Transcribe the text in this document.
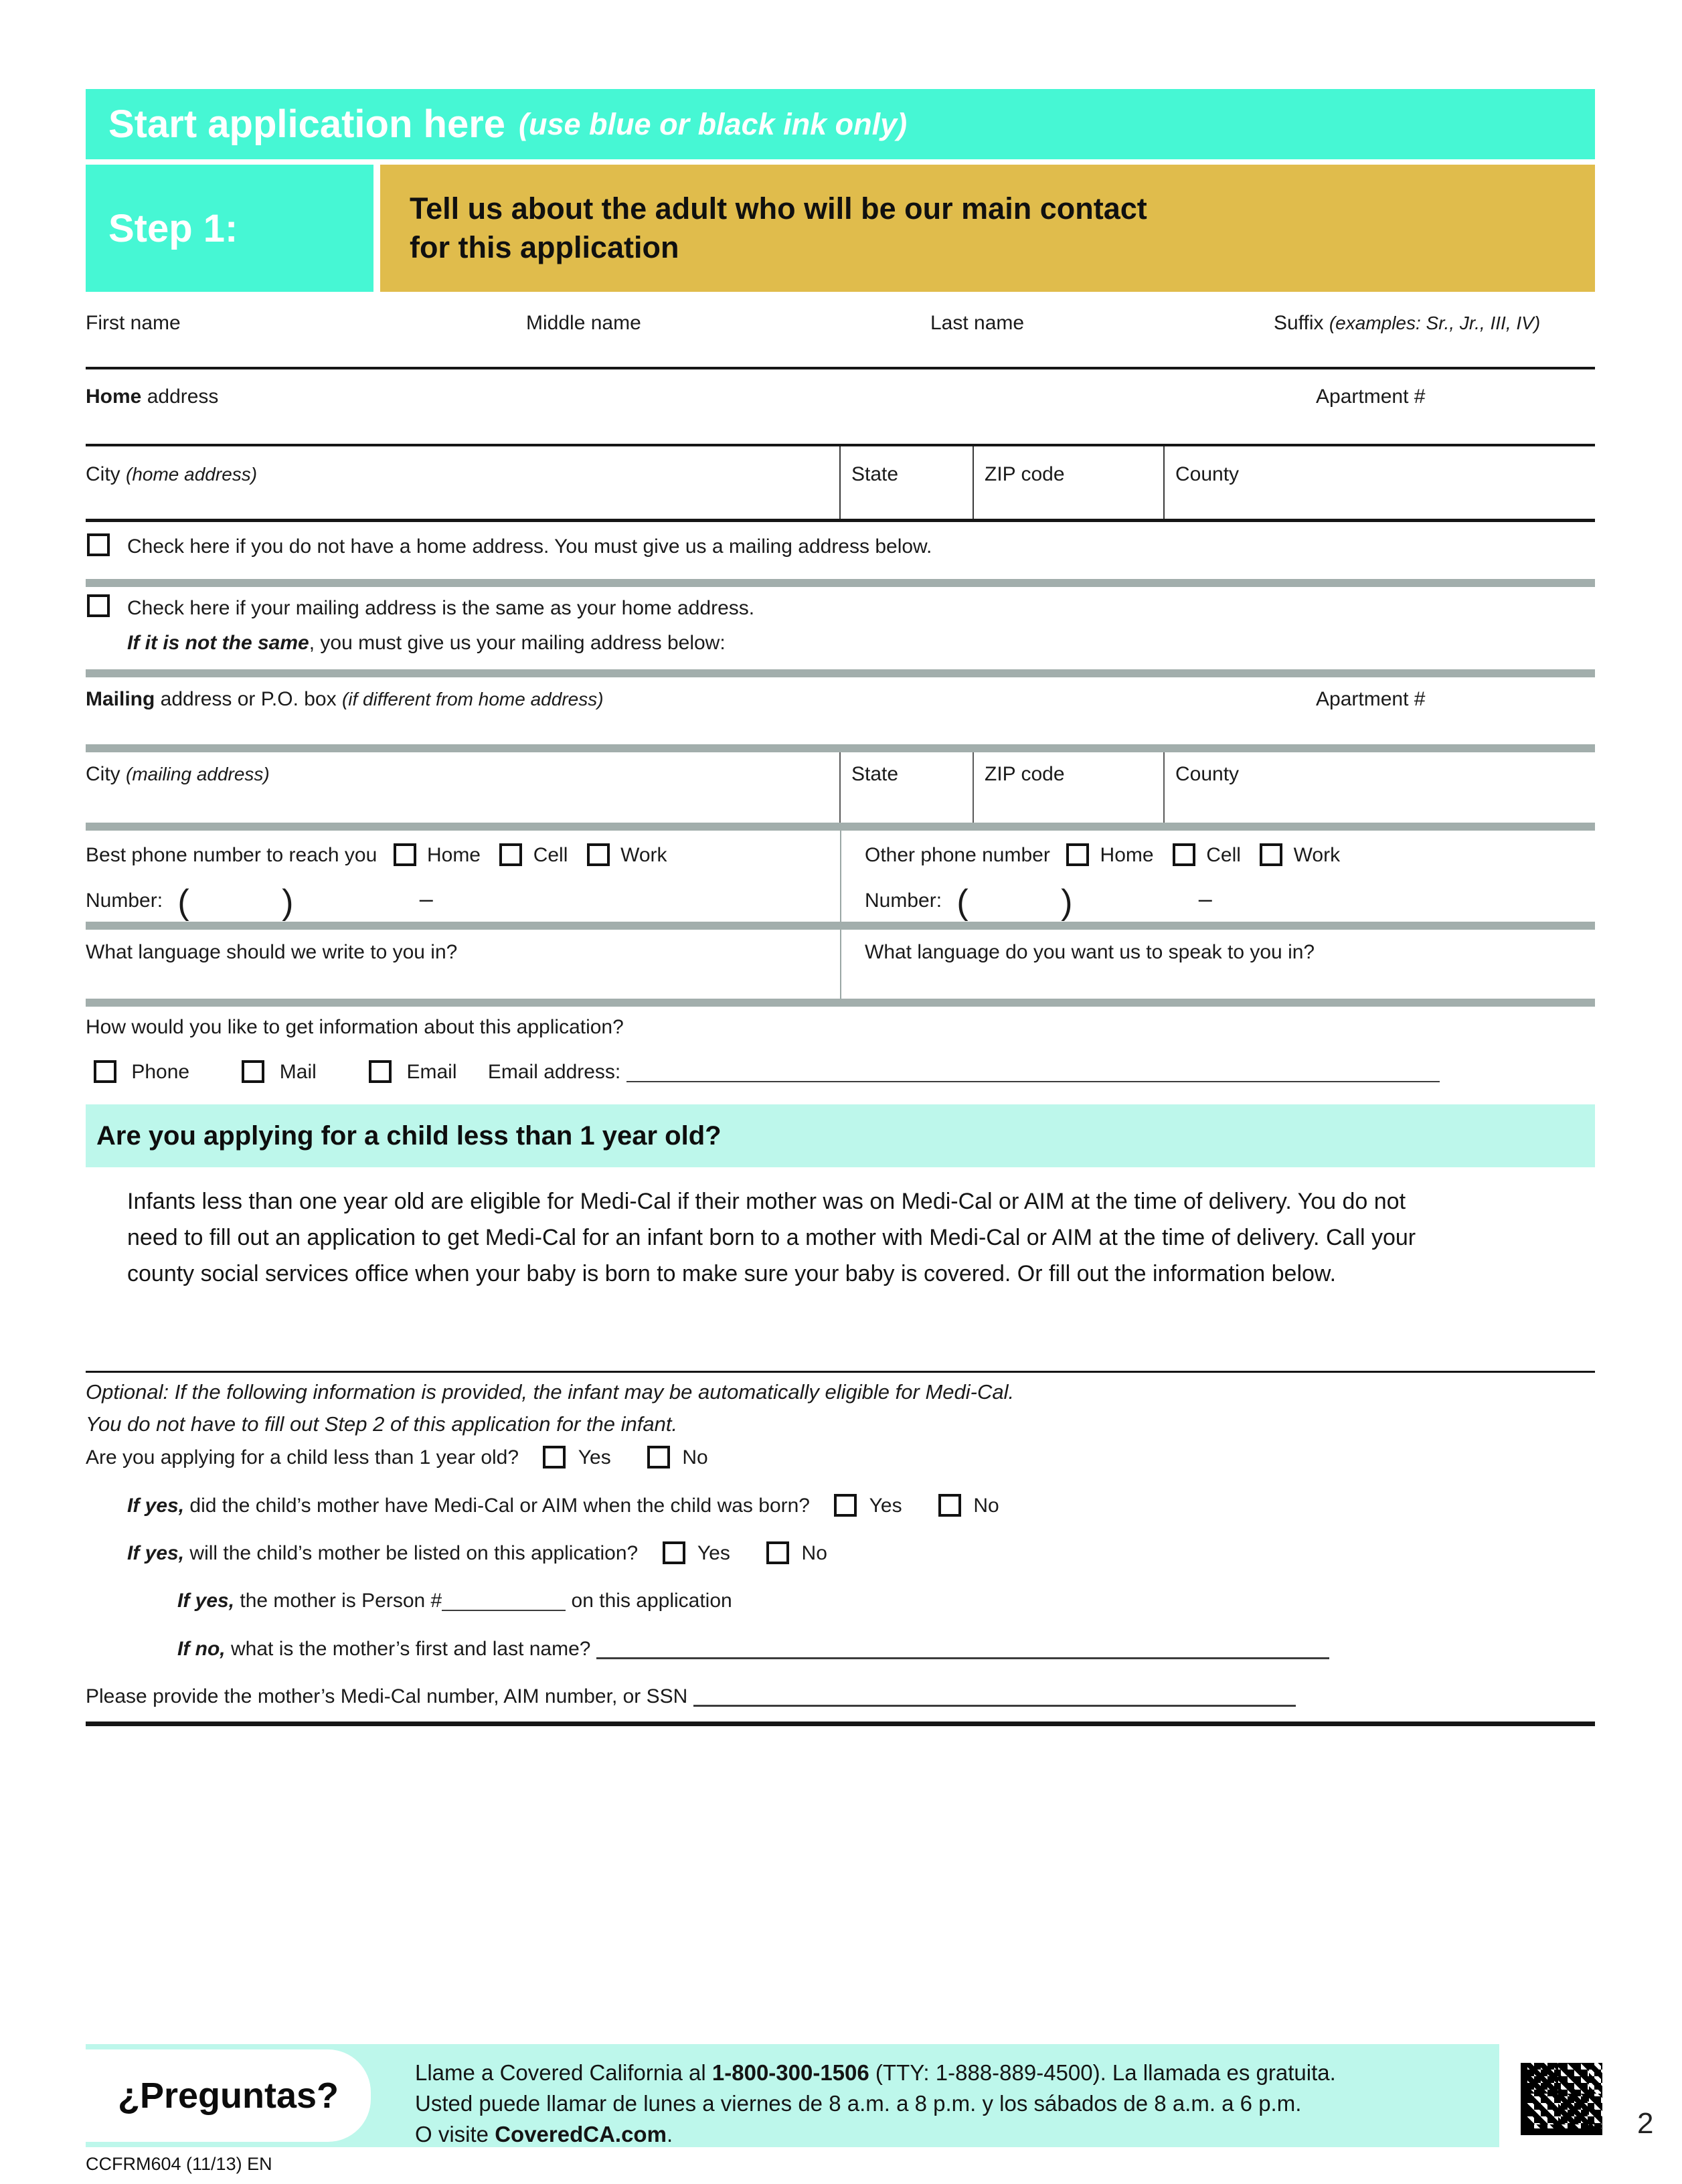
Start application here (use blue or black ink only)
Step 1:	Tell us about the adult who will be our main contact
for this application
First name	Middle name	Last name	Suffix (examples: Sr., Jr., III, IV)
Home address	Apartment #
City (home address)	State	ZIP code	County
Check here if you do not have a home address. You must give us a mailing address below.
Check here if your mailing address is the same as your home address.
If it is not the same, you must give us your mailing address below:
Mailing address or P.O. box (if different from home address)	Apartment #
City (mailing address)	State	ZIP code	County
Best phone number to reach you Home	Cell	Work
Number: (	)	–
Other phone number Home	Cell	Work
Number: (	)	–
What language should we write to you in?	What language do you want us to speak to you in?
How would you like to get information about this application?
Phone	Mail	Email Email address:
Are you applying for a child less than 1 year old?
Infants less than one year old are eligible for Medi-Cal if their mother was on Medi-Cal or AIM at the time of delivery. You do not need to fill out an application to get Medi-Cal for an infant born to a mother with Medi-Cal or AIM at the time of delivery. Call your county social services office when your baby is born to make sure your baby is covered. Or fill out the information below.
Optional: If the following information is provided, the infant may be automatically eligible for Medi-Cal.
You do not have to fill out Step 2 of this application for the infant.
Are you applying for a child less than 1 year old?	Yes	No
If yes, did the child’s mother have Medi-Cal or AIM when the child was born?	Yes	No
If yes, will the child’s mother be listed on this application?	Yes	No
If yes, the mother is Person #	on this application
If no, what is the mother’s first and last name?
Please provide the mother’s Medi-Cal number, AIM number, or SSN
¿Preguntas?
Llame a Covered California al 1-800-300-1506 (TTY: 1-888-889-4500). La llamada es gratuita.
Usted puede llamar de lunes a viernes de 8 a.m. a 8 p.m. y los sábados de 8 a.m. a 6 p.m.
O visite CoveredCA.com.	2
CCFRM604 (11/13) EN
